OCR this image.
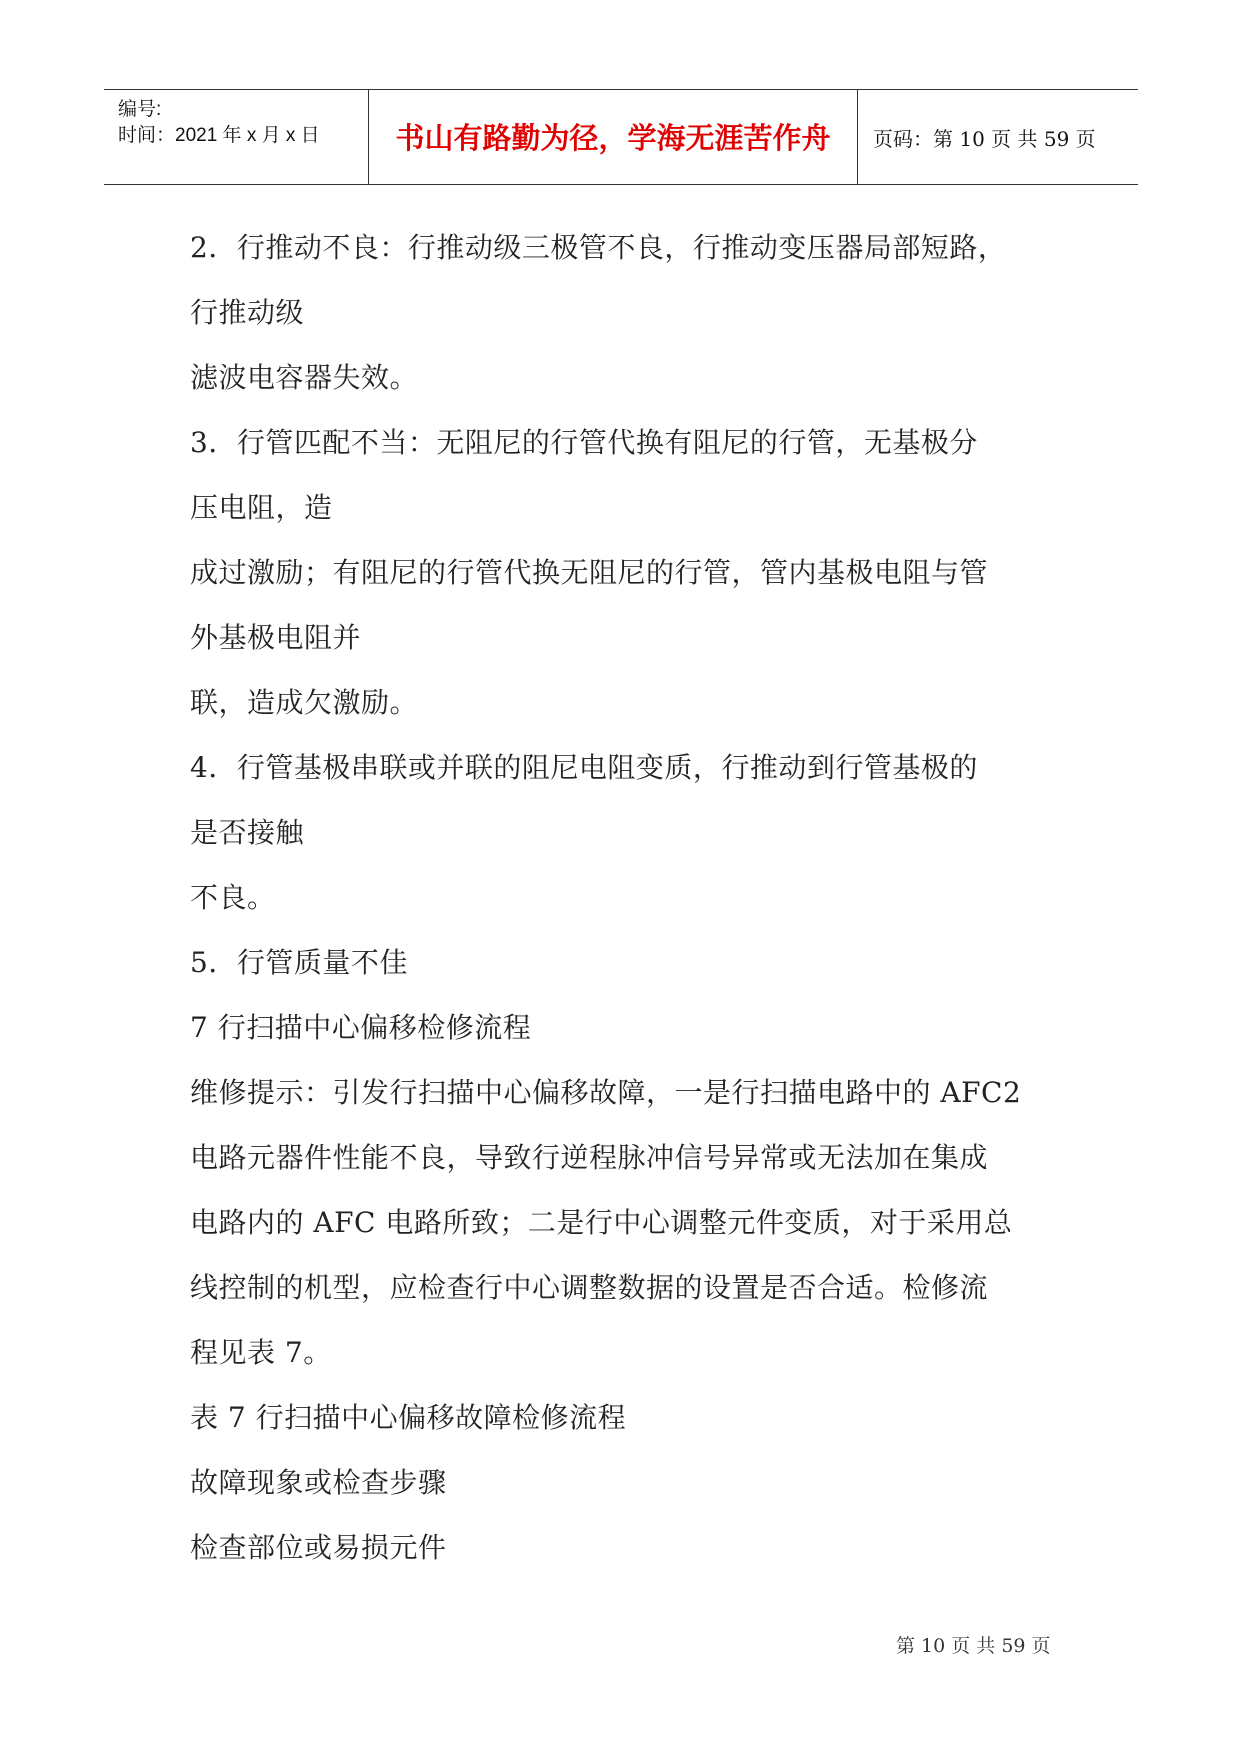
编号:
时间：2021 年 x 月 x 日	书山有路勤为径，学海无涯苦作舟	页码：第 10 页 共 59 页
2．行推动不良：行推动级三极管不良，行推动变压器局部短路，
行推动级
滤波电容器失效。
3．行管匹配不当：无阻尼的行管代换有阻尼的行管，无基极分
压电阻，造
成过激励；有阻尼的行管代换无阻尼的行管，管内基极电阻与管
外基极电阻并
联，造成欠激励。
4．行管基极串联或并联的阻尼电阻变质，行推动到行管基极的
是否接触
不良。
5．行管质量不佳
7 行扫描中心偏移检修流程
维修提示：引发行扫描中心偏移故障，一是行扫描电路中的 AFC2
电路元器件性能不良，导致行逆程脉冲信号异常或无法加在集成
电路内的 AFC 电路所致；二是行中心调整元件变质，对于采用总
线控制的机型，应检查行中心调整数据的设置是否合适。检修流
程见表 7。
表 7 行扫描中心偏移故障检修流程
故障现象或检查步骤
检查部位或易损元件
第 10 页 共 59 页
